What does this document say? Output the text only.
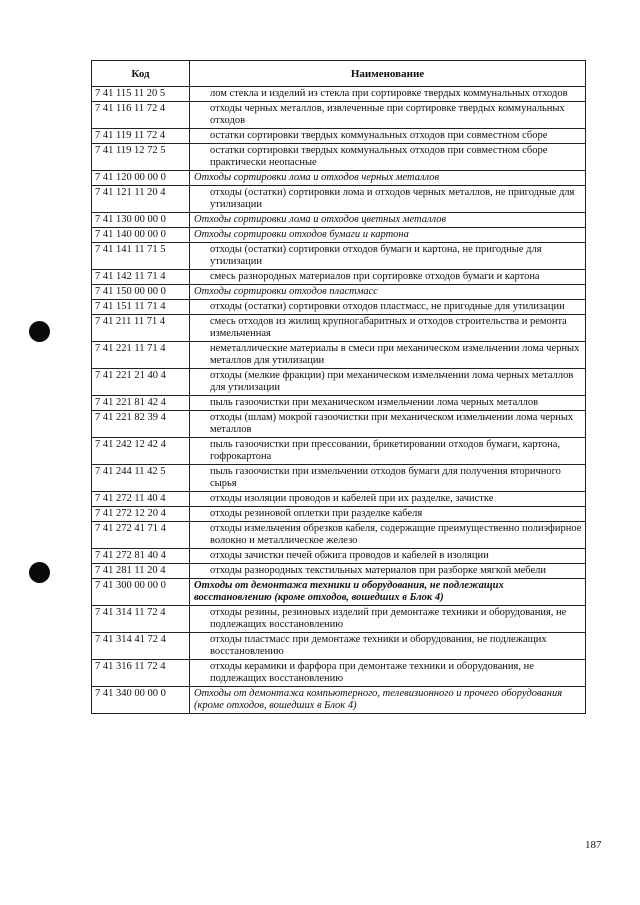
Код	Наименование
7 41 115 11 20 5	лом стекла и изделий из стекла при сортировке твердых коммунальных отходов
7 41 116 11 72 4	отходы черных металлов, извлеченные при сортировке твердых коммунальных отходов
7 41 119 11 72 4	остатки сортировки твердых коммунальных отходов при совместном сборе
7 41 119 12 72 5	остатки сортировки твердых коммунальных отходов при совместном сборе практически неопасные
7 41 120 00 00 0	Отходы сортировки лома и отходов черных металлов
7 41 121 11 20 4	отходы (остатки) сортировки лома и отходов черных металлов, не пригодные для утилизации
7 41 130 00 00 0	Отходы сортировки лома и отходов цветных металлов
7 41 140 00 00 0	Отходы сортировки отходов бумаги и картона
7 41 141 11 71 5	отходы (остатки) сортировки отходов бумаги и картона, не пригодные для утилизации
7 41 142 11 71 4	смесь разнородных материалов при сортировке отходов бумаги и картона
7 41 150 00 00 0	Отходы сортировки отходов пластмасс
7 41 151 11 71 4	отходы (остатки) сортировки отходов пластмасс, не пригодные для утилизации
7 41 211 11 71 4	смесь отходов из жилищ крупногабаритных и отходов строительства и ремонта измельченная
7 41 221 11 71 4	неметаллические материалы в смеси при механическом измельчении лома черных металлов для утилизации
7 41 221 21 40 4	отходы (мелкие фракции) при механическом измельчении лома черных металлов для утилизации
7 41 221 81 42 4	пыль газоочистки при механическом измельчении лома черных металлов
7 41 221 82 39 4	отходы (шлам) мокрой газоочистки при механическом измельчении лома черных металлов
7 41 242 12 42 4	пыль газоочистки при прессовании, брикетировании отходов бумаги, картона, гофрокартона
7 41 244 11 42 5	пыль газоочистки при измельчении отходов бумаги для получения вторичного сырья
7 41 272 11 40 4	отходы изоляции проводов и кабелей при их разделке, зачистке
7 41 272 12 20 4	отходы резиновой оплетки при разделке кабеля
7 41 272 41 71 4	отходы измельчения обрезков кабеля, содержащие преимущественно полиэфирное волокно и металлическое железо
7 41 272 81 40 4	отходы зачистки печей обжига проводов и кабелей в изоляции
7 41 281 11 20 4	отходы разнородных текстильных материалов при разборке мягкой мебели
7 41 300 00 00 0	Отходы от демонтажа техники и оборудования, не подлежащих восстановлению (кроме отходов, вошедших в Блок 4)
7 41 314 11 72 4	отходы резины, резиновых изделий при демонтаже техники и оборудования, не подлежащих восстановлению
7 41 314 41 72 4	отходы пластмасс при демонтаже техники и оборудования, не подлежащих восстановлению
7 41 316 11 72 4	отходы керамики и фарфора при демонтаже техники и оборудования, не подлежащих восстановлению
7 41 340 00 00 0	Отходы от демонтажа компьютерного, телевизионного и прочего оборудования (кроме отходов, вошедших в Блок 4)
187
